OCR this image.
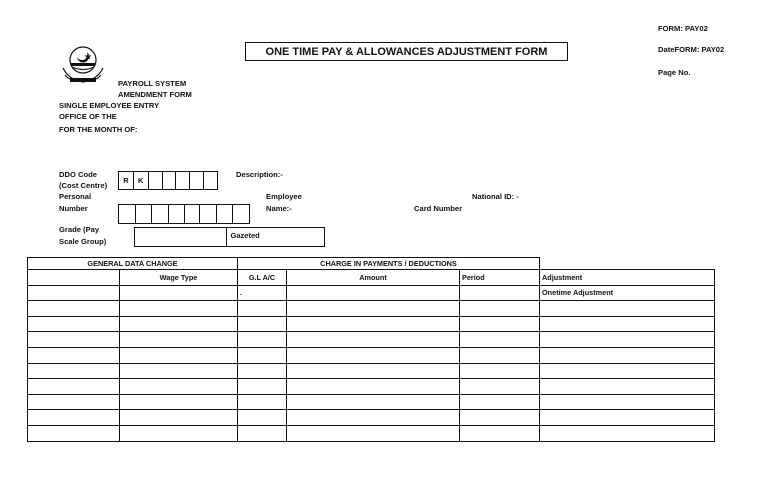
FORM: PAY02
DateFORM: PAY02
Page No.
ONE TIME PAY & ALLOWANCES ADJUSTMENT FORM
PAYROLL SYSTEM
AMENDMENT FORM
SINGLE EMPLOYEE ENTRY
OFFICE OF THE
FOR THE MONTH OF:
DDO Code
(Cost Centre)
R	K
Description:-
Personal
Number
Employee
Name:-	Card Number
National ID: -
Grade (Pay
Scale Group)
Gazeted
GENERAL DATA CHANGE		CHARGE IN PAYMENTS / DEDUCTIONS			
	Wage Type	G.L A/C	Amount	Period	Adjustment
		.			Onetime Adjustment
